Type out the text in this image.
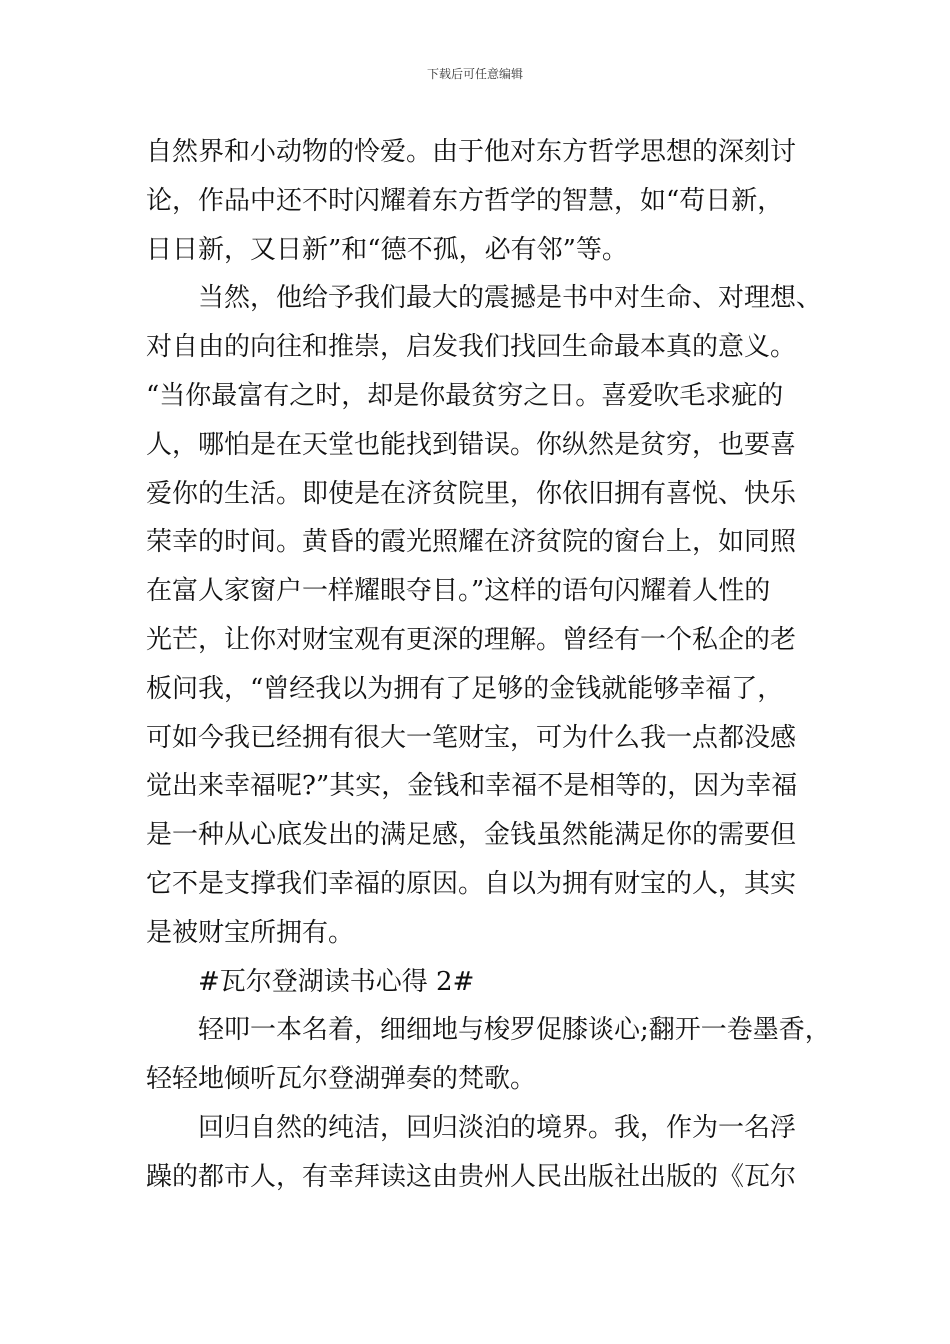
下载后可任意编辑
自然界和小动物的怜爱。由于他对东方哲学思想的深刻讨
论，作品中还不时闪耀着东方哲学的智慧，如“苟日新，
日日新，又日新”和“德不孤，必有邻”等。
当然，他给予我们最大的震撼是书中对生命、对理想、
对自由的向往和推崇，启发我们找回生命最本真的意义。
“当你最富有之时，却是你最贫穷之日。喜爱吹毛求疵的
人，哪怕是在天堂也能找到错误。你纵然是贫穷，也要喜
爱你的生活。即使是在济贫院里，你依旧拥有喜悦、快乐
荣幸的时间。黄昏的霞光照耀在济贫院的窗台上，如同照
在富人家窗户一样耀眼夺目。”这样的语句闪耀着人性的
光芒，让你对财宝观有更深的理解。曾经有一个私企的老
板问我，“曾经我以为拥有了足够的金钱就能够幸福了，
可如今我已经拥有很大一笔财宝，可为什么我一点都没感
觉出来幸福呢?”其实，金钱和幸福不是相等的，因为幸福
是一种从心底发出的满足感，金钱虽然能满足你的需要但
它不是支撑我们幸福的原因。自以为拥有财宝的人，其实
是被财宝所拥有。
#瓦尔登湖读书心得 2#
轻叩一本名着，细细地与梭罗促膝谈心;翻开一卷墨香，
轻轻地倾听瓦尔登湖弹奏的梵歌。
回归自然的纯洁，回归淡泊的境界。我，作为一名浮
躁的都市人，有幸拜读这由贵州人民出版社出版的《瓦尔
